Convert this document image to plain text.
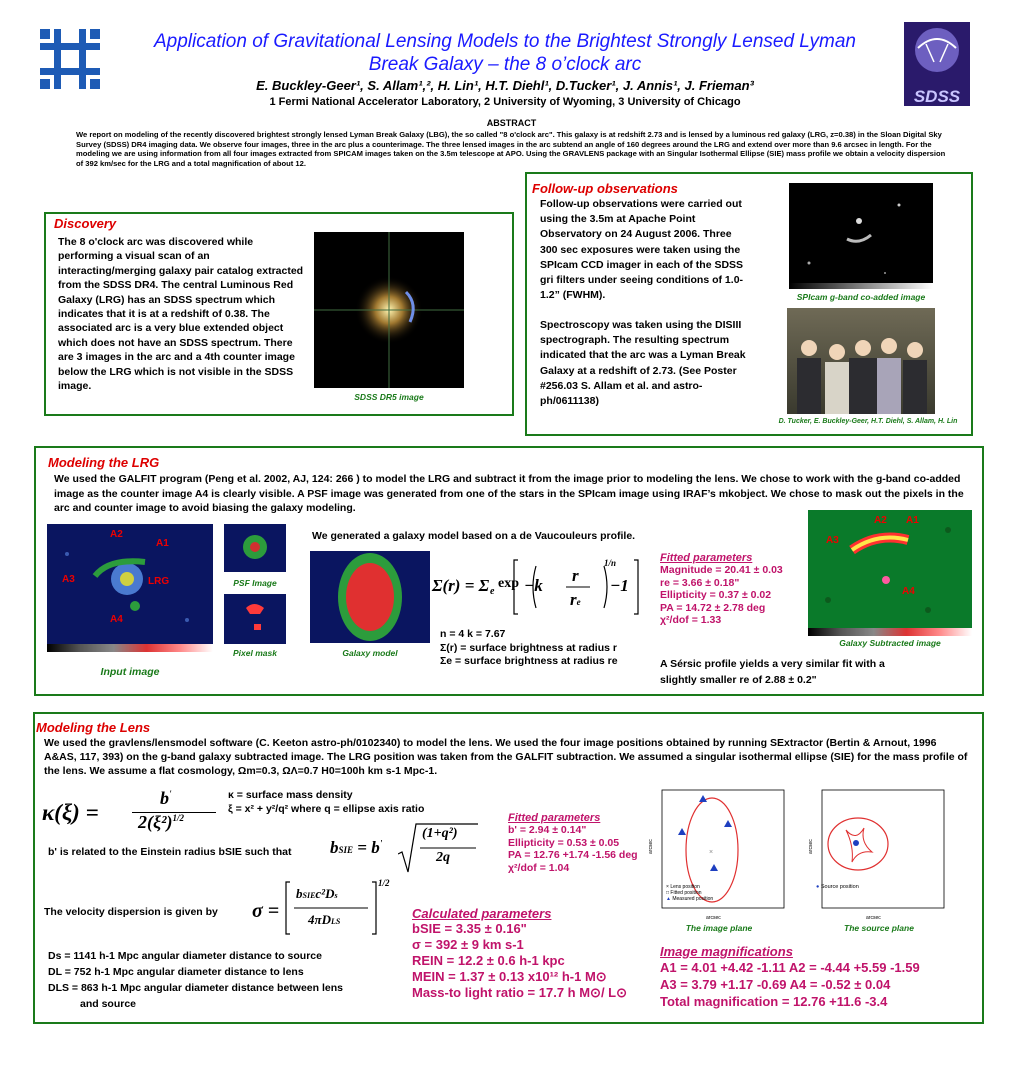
SDSS
Application of Gravitational Lensing Models to the Brightest Strongly Lensed Lyman
Break Galaxy – the 8 o’clock arc
E. Buckley-Geer¹, S. Allam¹,², H. Lin¹, H.T. Diehl¹, D.Tucker¹, J. Annis¹, J. Frieman³
1 Fermi National Accelerator Laboratory, 2 University of Wyoming, 3 University of Chicago
ABSTRACT
We report on modeling of the recently discovered brightest strongly lensed Lyman Break Galaxy (LBG), the so called "8 o'clock arc". This galaxy is at redshift 2.73 and is lensed by a luminous red galaxy (LRG, z=0.38) in the Sloan Digital Sky Survey (SDSS) DR4 imaging data. We observe four images, three in the arc plus a counterimage. The three lensed images in the arc subtend an angle of 160 degrees around the LRG and extend over more than 9.6 arcsec in length. For the modeling we are using information from all four images extracted from SPICAM images taken on the 3.5m telescope at APO. Using the GRAVLENS package with an Singular Isothermal Ellipse (SIE) mass profile we obtain a velocity dispersion of 392 km/sec for the LRG and a total magnification of about 12.
Discovery
The 8 o'clock arc was discovered while performing a visual scan of an interacting/merging galaxy pair catalog extracted from the SDSS DR4. The central Luminous Red Galaxy (LRG) has an SDSS spectrum which indicates that it is at a redshift of 0.38. The associated arc is a very blue extended object which does not have an SDSS spectrum. There are 3 images in the arc and a 4th counter image below the LRG which is not visible in the SDSS image.
SDSS DR5 image
Follow-up observations
Follow-up observations were carried out using the 3.5m at Apache Point Observatory on 24 August 2006. Three 300 sec exposures were taken using the SPIcam CCD imager in each of the SDSS gri filters under seeing conditions of 1.0-1.2” (FWHM).
Spectroscopy was taken using the DISIII spectrograph. The resulting spectrum indicated that the arc was a Lyman Break Galaxy at a redshift of 2.73. (See Poster #256.03 S. Allam et al. and astro-ph/0611138)
SPIcam g-band co-added image
D. Tucker, E. Buckley-Geer, H.T. Diehl, S. Allam, H. Lin
Modeling the LRG
We used the GALFIT program (Peng et al. 2002, AJ, 124: 266 ) to model the LRG and subtract it from the image prior to modeling the lens. We chose to work with the g-band co-added image as the counter image A4 is clearly visible. A PSF image was generated from one of the stars in the SPIcam image using IRAF’s mkobject. We chose to mask out the pixels in the arc and counter image to avoid biasing the galaxy modeling.
A2
A1
A3	LRG
A4
Input image
PSF Image
Pixel mask	Galaxy model
We generated a galaxy model based on a de Vaucouleurs profile.
Σ(r) = Σ e
exp −k
r
re
1/n
−1
n = 4 k = 7.67
Σ(r) = surface brightness at radius r
Σe = surface brightness at radius re
Fitted parameters
Magnitude = 20.41 ± 0.03
re = 3.66 ± 0.18"
Ellipticity = 0.37 ± 0.02
PA = 14.72 ± 2.78 deg
χ²/dof = 1.33
A Sérsic profile yields a very similar fit with a slightly smaller re of 2.88 ± 0.2"
A2 A1
A3
A4
Galaxy Subtracted image
Modeling the Lens
We used the gravlens/lensmodel software (C. Keeton astro-ph/0102340) to model the lens. We used the four image positions obtained by running SExtractor (Bertin & Arnout, 1996 A&AS, 117, 393) on the g-band galaxy subtracted image. The LRG position was taken from the GALFIT subtraction. We assumed a singular isothermal ellipse (SIE) for the mass profile of the lens. We assume a flat cosmology, Ωm=0.3, ΩΛ=0.7 H0=100h km s-1 Mpc-1.
κ(ξ) =
b'
$2(\xi^2)^{1/2}$
κ = surface mass density
ξ = x² + y²/q² where q = ellipse axis ratio
b' is related to the Einstein radius bSIE such that bSIE = b'
(1+q²)
2q
The velocity dispersion is given by σ =
bSIEc²Ds
4πDLS
1/2
Ds = 1141 h-1 Mpc angular diameter distance to source
DL = 752 h-1 Mpc angular diameter distance to lens
DLS = 863 h-1 Mpc angular diameter distance between lens
and source
Fitted parameters
b' = 2.94 ± 0.14"
Ellipticity = 0.53 ± 0.05
PA = 12.76 +1.74 -1.56 deg
χ²/dof = 1.04
Calculated parameters
bSIE = 3.35 ± 0.16"
σ = 392 ± 9 km s-1
REIN = 12.2 ± 0.6 h-1 kpc
MEIN = 1.37 ± 0.13 x10¹² h-1 M⊙
Mass-to light ratio = 17.7 h M⊙/ L⊙
Image magnifications
A1 = 4.01 +4.42 -1.11 A2 = -4.44 +5.59 -1.59
A3 = 3.79 +1.17 -0.69 A4 = -0.52 ± 0.04
Total magnification = 12.76 +11.6 -3.4
×
arcsec
arcsec
× Lens position
□ Fitted position
▲ Measured position
The image plane
arcsec
arcsec
● Source position
The source plane
